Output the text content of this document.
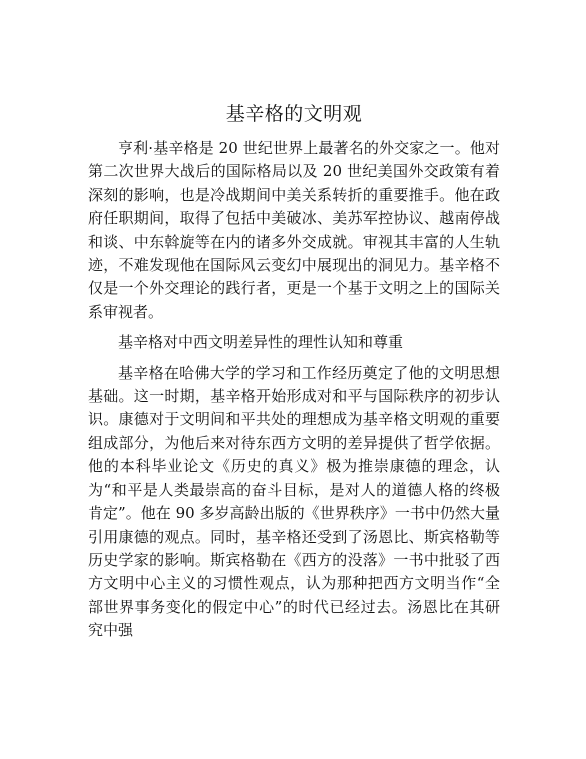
基辛格的文明观

亨利·基辛格是 20 世纪世界上最著名的外交家之一。他对第二次世界大战后的国际格局以及 20 世纪美国外交政策有着深刻的影响，也是冷战期间中美关系转折的重要推手。他在政府任职期间，取得了包括中美破冰、美苏军控协议、越南停战和谈、中东斡旋等在内的诸多外交成就。审视其丰富的人生轨迹，不难发现他在国际风云变幻中展现出的洞见力。基辛格不仅是一个外交理论的践行者，更是一个基于文明之上的国际关系审视者。

基辛格对中西文明差异性的理性认知和尊重

基辛格在哈佛大学的学习和工作经历奠定了他的文明思想基础。这一时期，基辛格开始形成对和平与国际秩序的初步认识。康德对于文明间和平共处的理想成为基辛格文明观的重要组成部分，为他后来对待东西方文明的差异提供了哲学依据。他的本科毕业论文《历史的真义》极为推崇康德的理念，认为“和平是人类最崇高的奋斗目标，是对人的道德人格的终极肯定”。他在 90 多岁高龄出版的《世界秩序》一书中仍然大量引用康德的观点。同时，基辛格还受到了汤恩比、斯宾格勒等历史学家的影响。斯宾格勒在《西方的没落》一书中批驳了西方文明中心主义的习惯性观点，认为那种把西方文明当作“全部世界事务变化的假定中心”的时代已经过去。汤恩比在其研究中强
